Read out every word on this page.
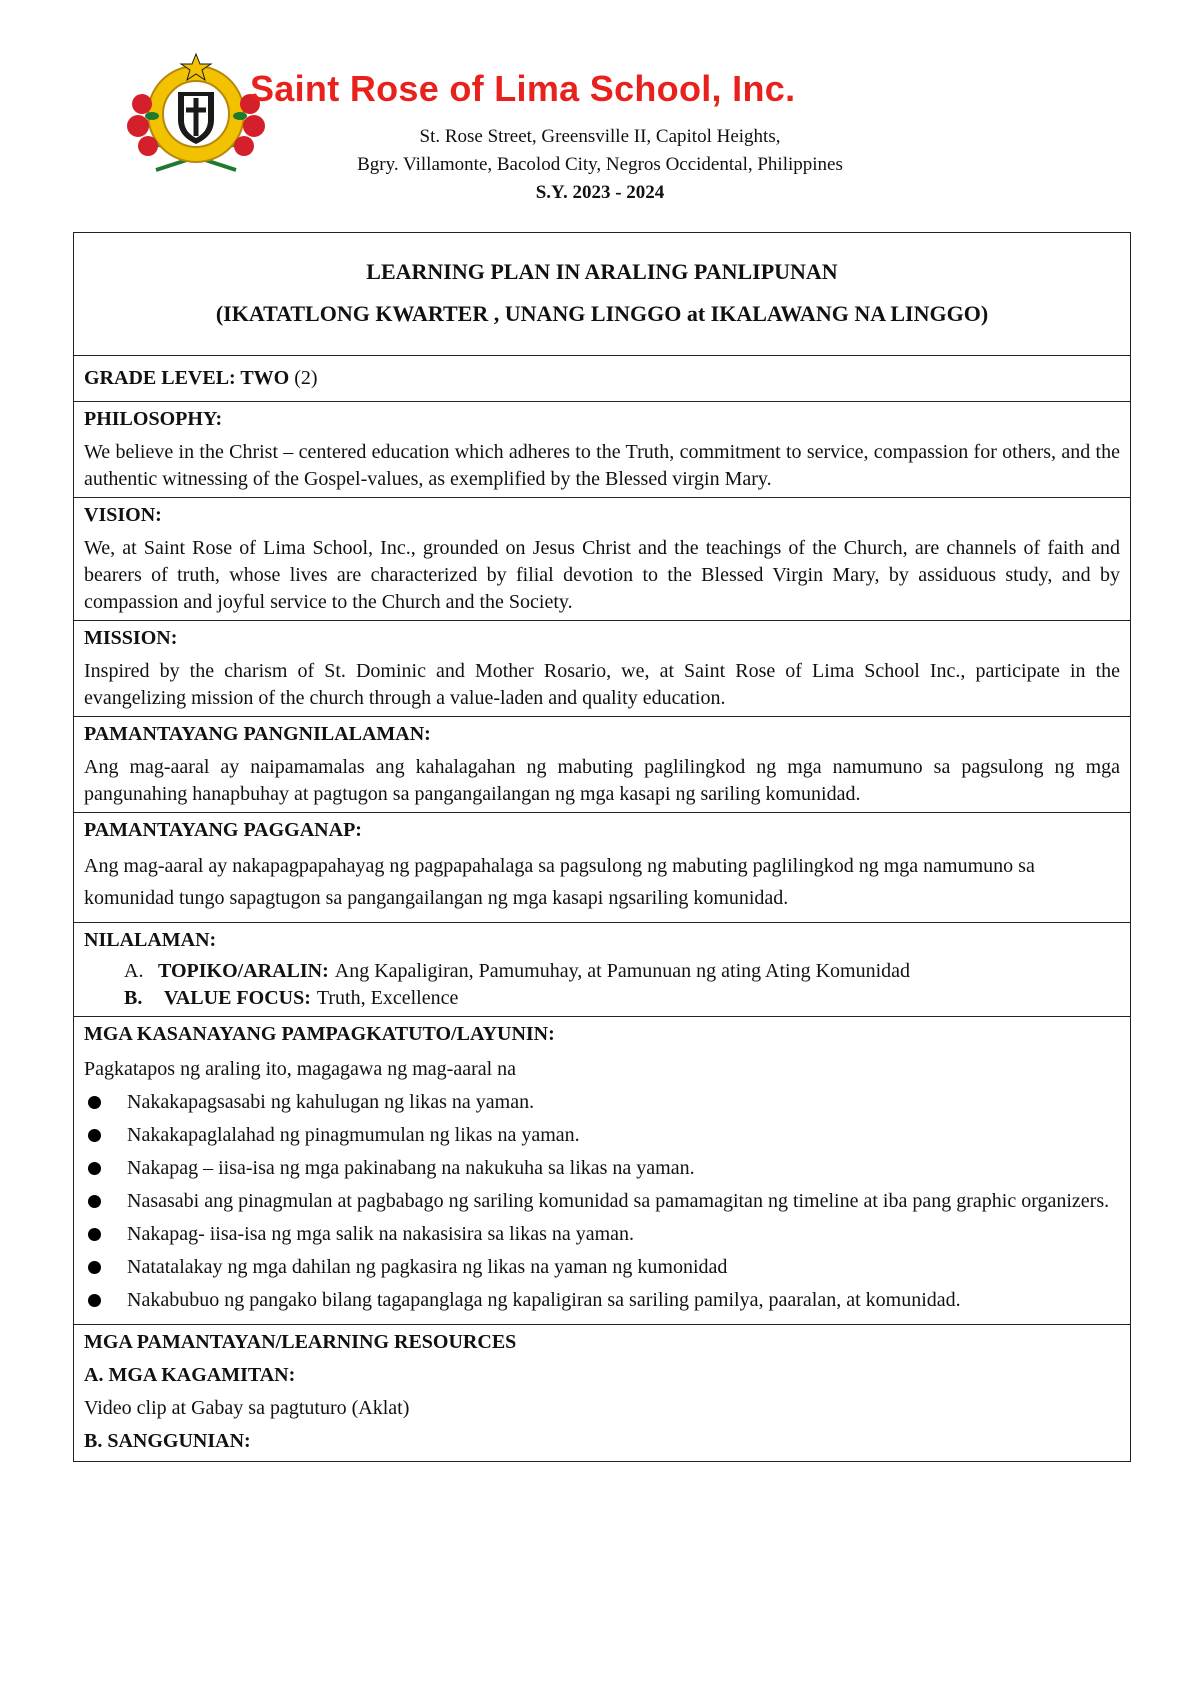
Saint Rose of Lima School, Inc.
St. Rose Street, Greensville II, Capitol Heights,
Bgry. Villamonte, Bacolod City, Negros Occidental, Philippines
S.Y. 2023 - 2024
LEARNING PLAN IN ARALING PANLIPUNAN
(IKATATLONG KWARTER , UNANG LINGGO at IKALAWANG NA LINGGO)

GRADE LEVEL: TWO (2)

PHILOSOPHY:
We believe in the Christ – centered education which adheres to the Truth, commitment to service, compassion for others, and the authentic witnessing of the Gospel-values, as exemplified by the Blessed virgin Mary.

VISION:
We, at Saint Rose of Lima School, Inc., grounded on Jesus Christ and the teachings of the Church, are channels of faith and bearers of truth, whose lives are characterized by filial devotion to the Blessed Virgin Mary, by assiduous study, and by compassion and joyful service to the Church and the Society.

MISSION:
Inspired by the charism of St. Dominic and Mother Rosario, we, at Saint Rose of Lima School Inc., participate in the evangelizing mission of the church through a value-laden and quality education.

PAMANTAYANG PANGNILALAMAN:
Ang mag-aaral ay naipamamalas ang kahalagahan ng mabuting paglilingkod ng mga namumuno sa pagsulong ng mga pangunahing hanapbuhay at pagtugon sa pangangailangan ng mga kasapi ng sariling komunidad.

PAMANTAYANG PAGGANAP:
Ang mag-aaral ay nakapagpapahayag ng pagpapahalaga sa pagsulong ng mabuting paglilingkod ng mga namumuno sa komunidad tungo sapagtugon sa pangangailangan ng mga kasapi ngsariling komunidad.

NILALAMAN:
A. TOPIKO/ARALIN: Ang Kapaligiran, Pamumuhay, at Pamunuan ng ating Ating Komunidad
B. VALUE FOCUS: Truth, Excellence

MGA KASANAYANG PAMPAGKATUTO/LAYUNIN:
Pagkatapos ng araling ito, magagawa ng mag-aaral na
Nakakapagsasabi ng kahulugan ng likas na yaman.
Nakakapaglalahad ng pinagmumulan ng likas na yaman.
Nakapag – iisa-isa ng mga pakinabang na nakukuha sa likas na yaman.
Nasasabi ang pinagmulan at pagbabago ng sariling komunidad sa pamamagitan ng timeline at iba pang graphic organizers.
Nakapag- iisa-isa ng mga salik na nakasisira sa likas na yaman.
Natatalakay ng mga dahilan ng pagkasira ng likas na yaman ng kumonidad
Nakabubuo ng pangako bilang tagapanglaga ng kapaligiran sa sariling pamilya, paaralan, at komunidad.

MGA PAMANTAYAN/LEARNING RESOURCES
A. MGA KAGAMITAN:
Video clip at Gabay sa pagtuturo (Aklat)
B. SANGGUNIAN:
